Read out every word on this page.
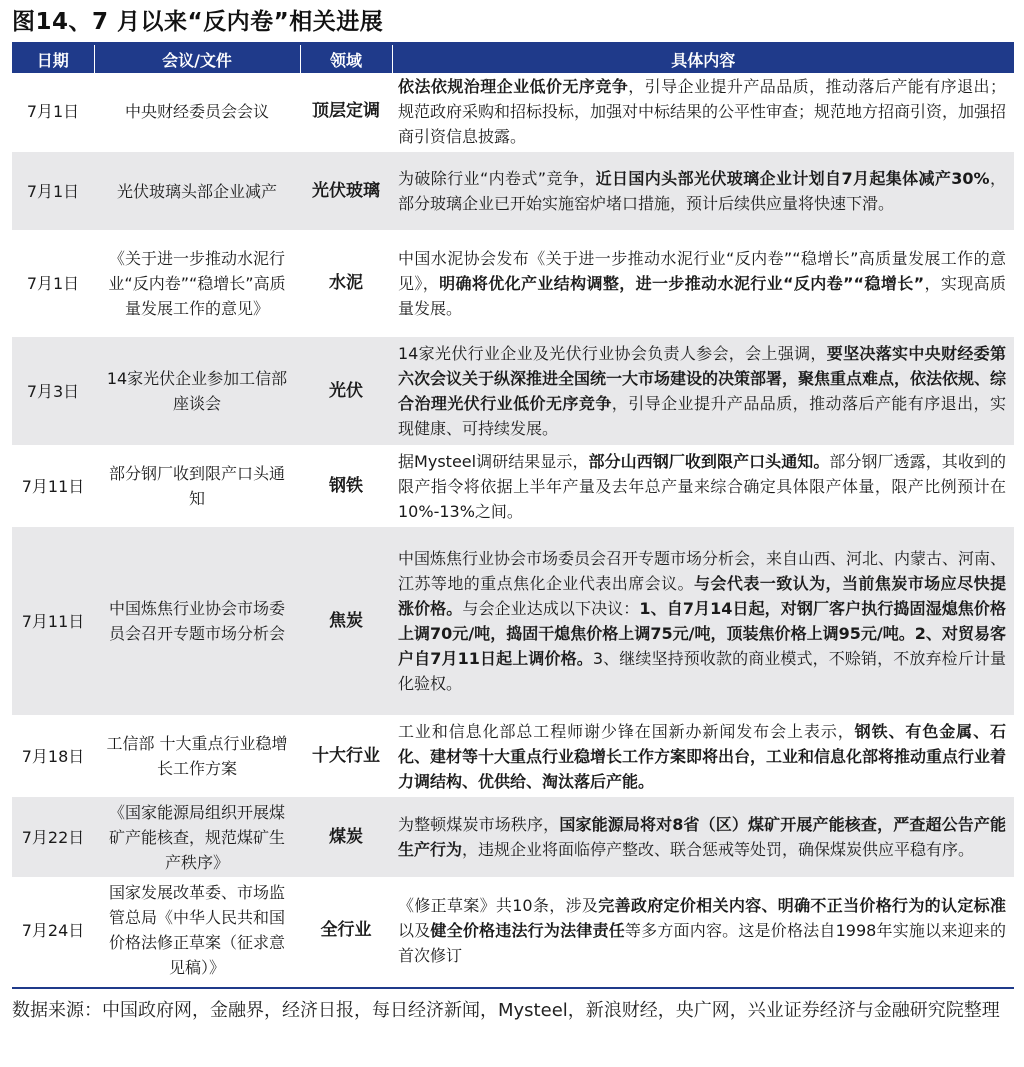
图14、7 月以来“反内卷”相关进展
日期	会议/文件	领域	具体内容
7月1日	中央财经委员会会议	顶层定调	依法依规治理企业低价无序竞争，引导企业提升产品品质，推动落后产能有序退出；规范政府采购和招标投标，加强对中标结果的公平性审查；规范地方招商引资，加强招商引资信息披露。
7月1日	光伏玻璃头部企业减产	光伏玻璃	为破除行业“内卷式”竞争，近日国内头部光伏玻璃企业计划自7月起集体减产30%，部分玻璃企业已开始实施窑炉堵口措施，预计后续供应量将快速下滑。
7月1日	《关于进一步推动水泥行业“反内卷”“稳增长”高质量发展工作的意见》	水泥	中国水泥协会发布《关于进一步推动水泥行业“反内卷”“稳增长”高质量发展工作的意见》，明确将优化产业结构调整，进一步推动水泥行业“反内卷”“稳增长”，实现高质量发展。
7月3日	14家光伏企业参加工信部座谈会	光伏	14家光伏行业企业及光伏行业协会负责人参会，会上强调，要坚决落实中央财经委第六次会议关于纵深推进全国统一大市场建设的决策部署，聚焦重点难点，依法依规、综合治理光伏行业低价无序竞争，引导企业提升产品品质，推动落后产能有序退出，实现健康、可持续发展。
7月11日	部分钢厂收到限产口头通知	钢铁	据Mysteel调研结果显示，部分山西钢厂收到限产口头通知。部分钢厂透露，其收到的限产指令将依据上半年产量及去年总产量来综合确定具体限产体量，限产比例预计在10%-13%之间。
7月11日	中国炼焦行业协会市场委员会召开专题市场分析会	焦炭	中国炼焦行业协会市场委员会召开专题市场分析会，来自山西、河北、内蒙古、河南、江苏等地的重点焦化企业代表出席会议。与会代表一致认为，当前焦炭市场应尽快提涨价格。与会企业达成以下决议：1、自7月14日起，对钢厂客户执行捣固湿熄焦价格上调70元/吨，捣固干熄焦价格上调75元/吨，顶装焦价格上调95元/吨。2、对贸易客户自7月11日起上调价格。3、继续坚持预收款的商业模式，不赊销，不放弃检斤计量化验权。
7月18日	工信部 十大重点行业稳增长工作方案	十大行业	工业和信息化部总工程师谢少锋在国新办新闻发布会上表示，钢铁、有色金属、石化、建材等十大重点行业稳增长工作方案即将出台，工业和信息化部将推动重点行业着力调结构、优供给、淘汰落后产能。
7月22日	《国家能源局组织开展煤矿产能核查，规范煤矿生产秩序》	煤炭	为整顿煤炭市场秩序，国家能源局将对8省（区）煤矿开展产能核查，严查超公告产能生产行为，违规企业将面临停产整改、联合惩戒等处罚，确保煤炭供应平稳有序。
7月24日	国家发展改革委、市场监管总局《中华人民共和国价格法修正草案（征求意见稿）》	全行业	《修正草案》共10条，涉及完善政府定价相关内容、明确不正当价格行为的认定标准以及健全价格违法行为法律责任等多方面内容。这是价格法自1998年实施以来迎来的首次修订
数据来源：中国政府网，金融界，经济日报，每日经济新闻，Mysteel，新浪财经，央广网，兴业证券经济与金融研究院整理
